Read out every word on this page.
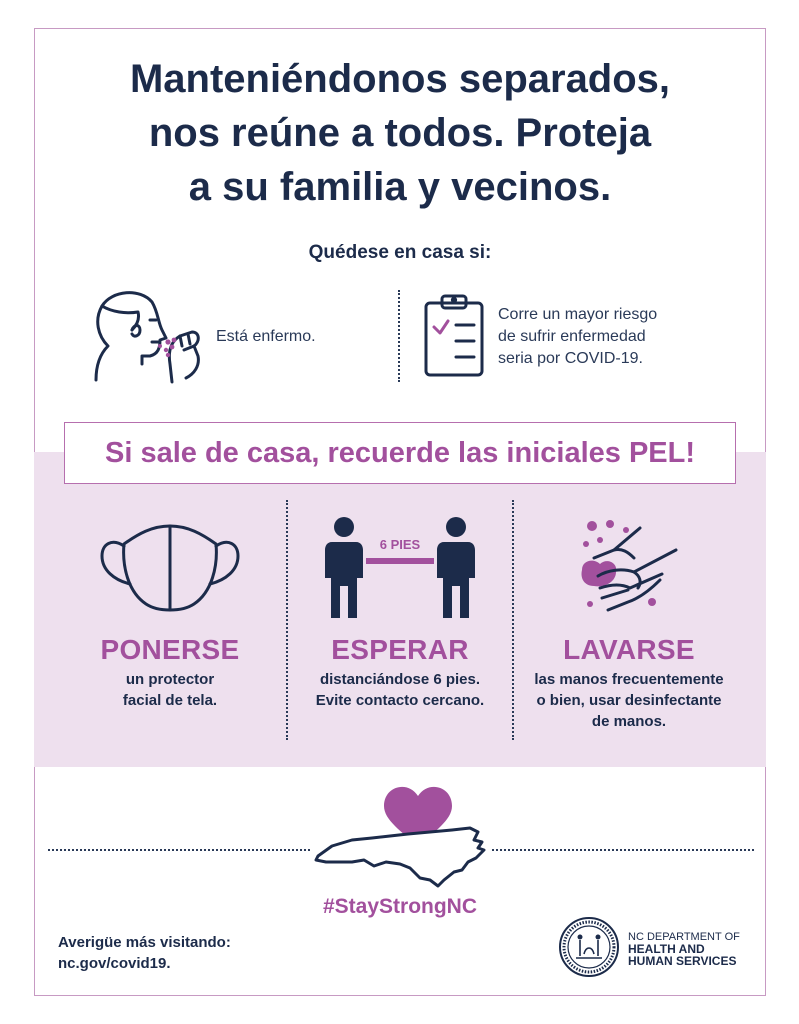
Manteniéndonos separados,
nos reúne a todos. Proteja
a su familia y vecinos.
Quédese en casa si:
Está enfermo.
Corre un mayor riesgo
de sufrir enfermedad
seria por COVID-19.
Si sale de casa, recuerde las iniciales PEL!
6 PIES
PONERSE
un protector
facial de tela.
ESPERAR
distanciándose 6 pies.
Evite contacto cercano.
LAVARSE
las manos frecuentemente
o bien, usar desinfectante
de manos.
#StayStrongNC
Averigüe más visitando:
nc.gov/covid19.
NC DEPARTMENT OF
HEALTH AND
HUMAN SERVICES
